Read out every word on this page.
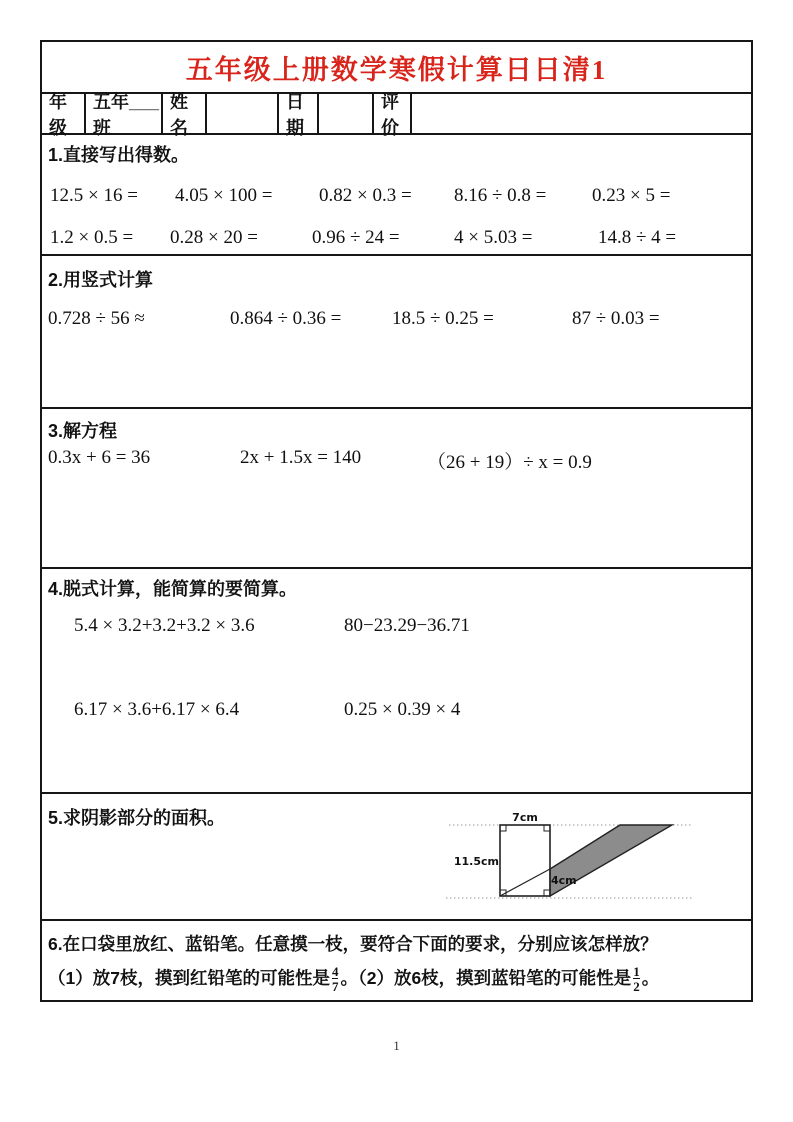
五年级上册数学寒假计算日日清1
年级
五年___班
姓名
日期
评价
1.直接写出得数。
12.5 × 16 = 4.05 × 100 = 0.82 × 0.3 = 8.16 ÷ 0.8 = 0.23 × 5 =
1.2 × 0.5 = 0.28 × 20 =	0.96 ÷ 24 =	4 × 5.03 =	14.8 ÷ 4 =
2.用竖式计算
0.728 ÷ 56 ≈	0.864 ÷ 0.36 =	18.5 ÷ 0.25 =	87 ÷ 0.03 =
3.解方程
0.3x + 6 = 36	2x + 1.5x = 140	（26 + 19）÷ x = 0.9
4.脱式计算，能简算的要简算。
5.4 × 3.2+3.2+3.2 × 3.6	80−23.29−36.71
6.17 × 3.6+6.17 × 6.4	0.25 × 0.39 × 4
5.求阴影部分的面积。	7cm
11.5cm
4cm
6.在口袋里放红、蓝铅笔。任意摸一枝，要符合下面的要求，分别应该怎样放？
（1）放7枝，摸到红铅笔的可能性是 $\frac{4}{7}$ 。（2）放6枝，摸到蓝铅笔的可能性是 $\frac{1}{2}$ 。
1
